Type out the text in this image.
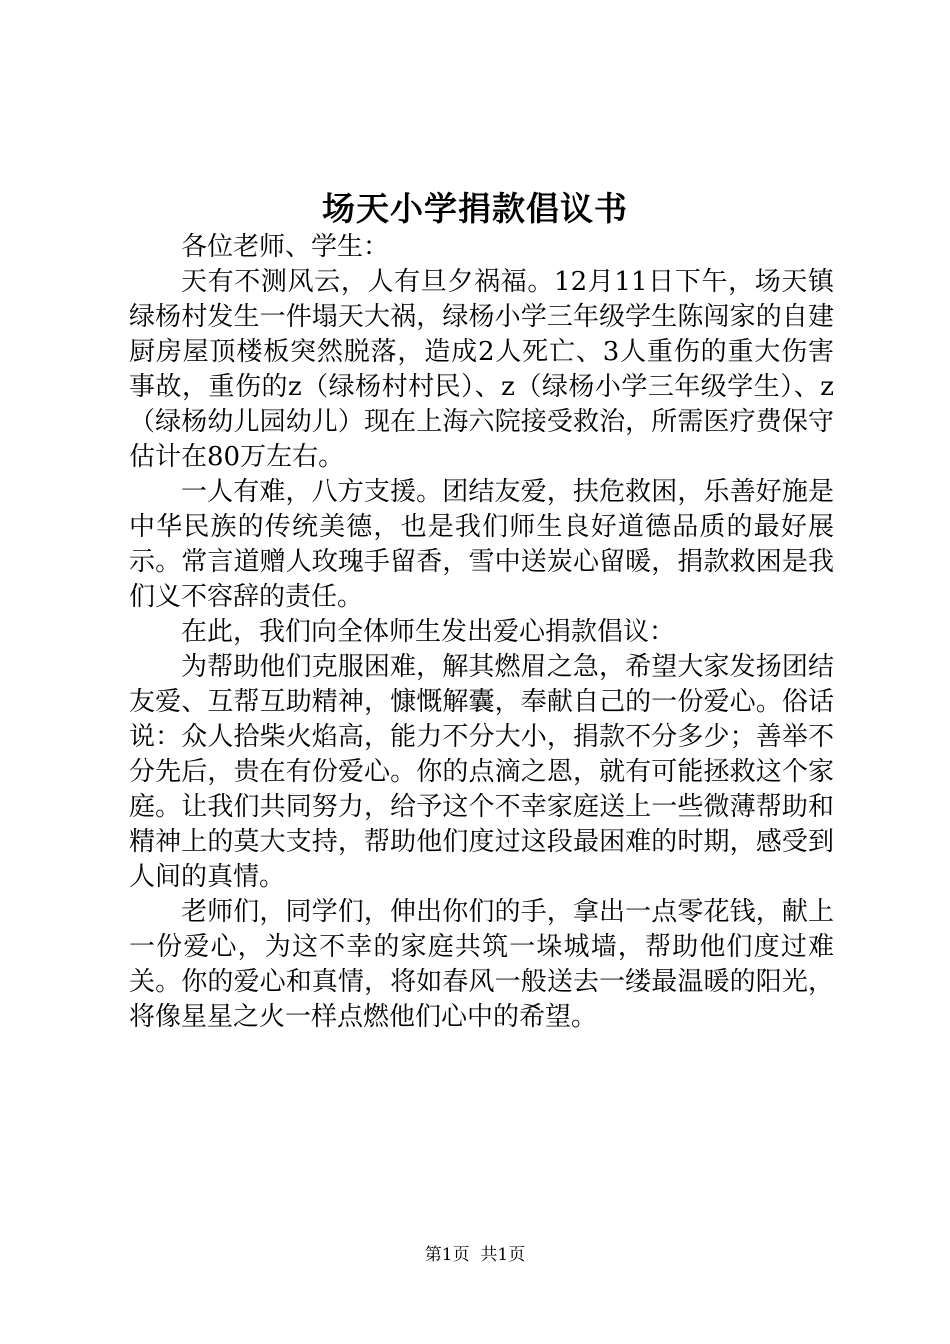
场天小学捐款倡议书

各位老师、学生：

天有不测风云，人有旦夕祸福。12月11日下午，场天镇绿杨村发生一件塌天大祸，绿杨小学三年级学生陈闯家的自建厨房屋顶楼板突然脱落，造成2人死亡、3人重伤的重大伤害事故，重伤的z（绿杨村村民）、z（绿杨小学三年级学生）、z（绿杨幼儿园幼儿）现在上海六院接受救治，所需医疗费保守估计在80万左右。

一人有难，八方支援。团结友爱，扶危救困，乐善好施是中华民族的传统美德，也是我们师生良好道德品质的最好展示。常言道赠人玫瑰手留香，雪中送炭心留暖，捐款救困是我们义不容辞的责任。

在此，我们向全体师生发出爱心捐款倡议：

为帮助他们克服困难，解其燃眉之急，希望大家发扬团结友爱、互帮互助精神，慷慨解囊，奉献自己的一份爱心。俗话说：众人拾柴火焰高，能力不分大小，捐款不分多少；善举不分先后，贵在有份爱心。你的点滴之恩，就有可能拯救这个家庭。让我们共同努力，给予这个不幸家庭送上一些微薄帮助和精神上的莫大支持，帮助他们度过这段最困难的时期，感受到人间的真情。

老师们，同学们，伸出你们的手，拿出一点零花钱，献上一份爱心，为这不幸的家庭共筑一垛城墙，帮助他们度过难关。你的爱心和真情，将如春风一般送去一缕最温暖的阳光，将像星星之火一样点燃他们心中的希望。

第1页 共1页
